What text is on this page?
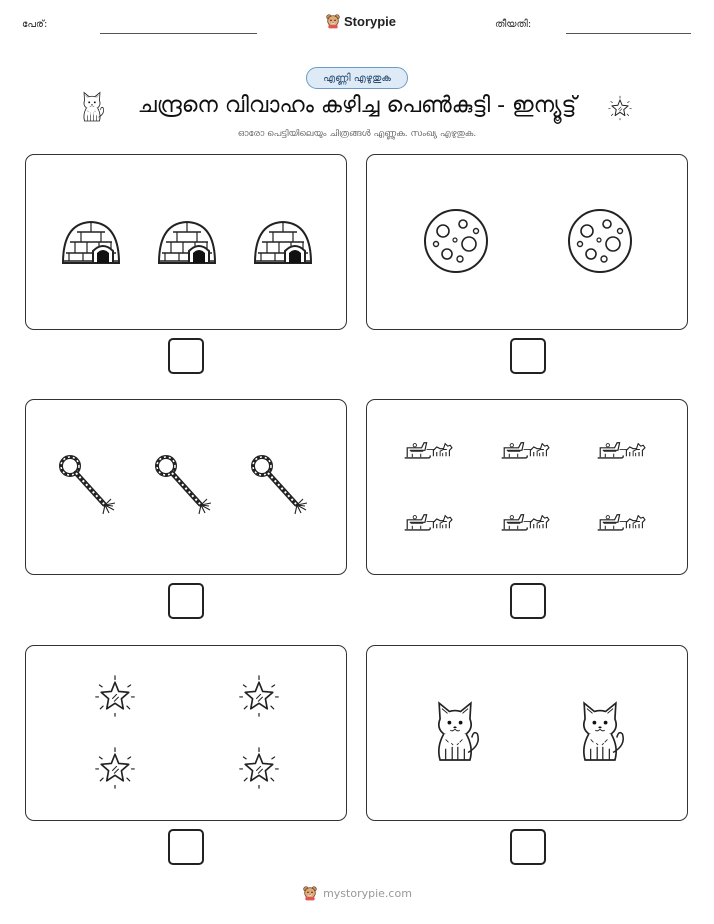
പേര്:	Storypie	തീയതി:
എണ്ണി എഴുതുക
ചന്ദ്രനെ വിവാഹം കഴിച്ച പെൺകുട്ടി - ഇന്യൂട്ട്
ഓരോ പെട്ടിയിലെയും ചിത്രങ്ങൾ എണ്ണുക. സംഖ്യ എഴുതുക.
mystorypie.com
